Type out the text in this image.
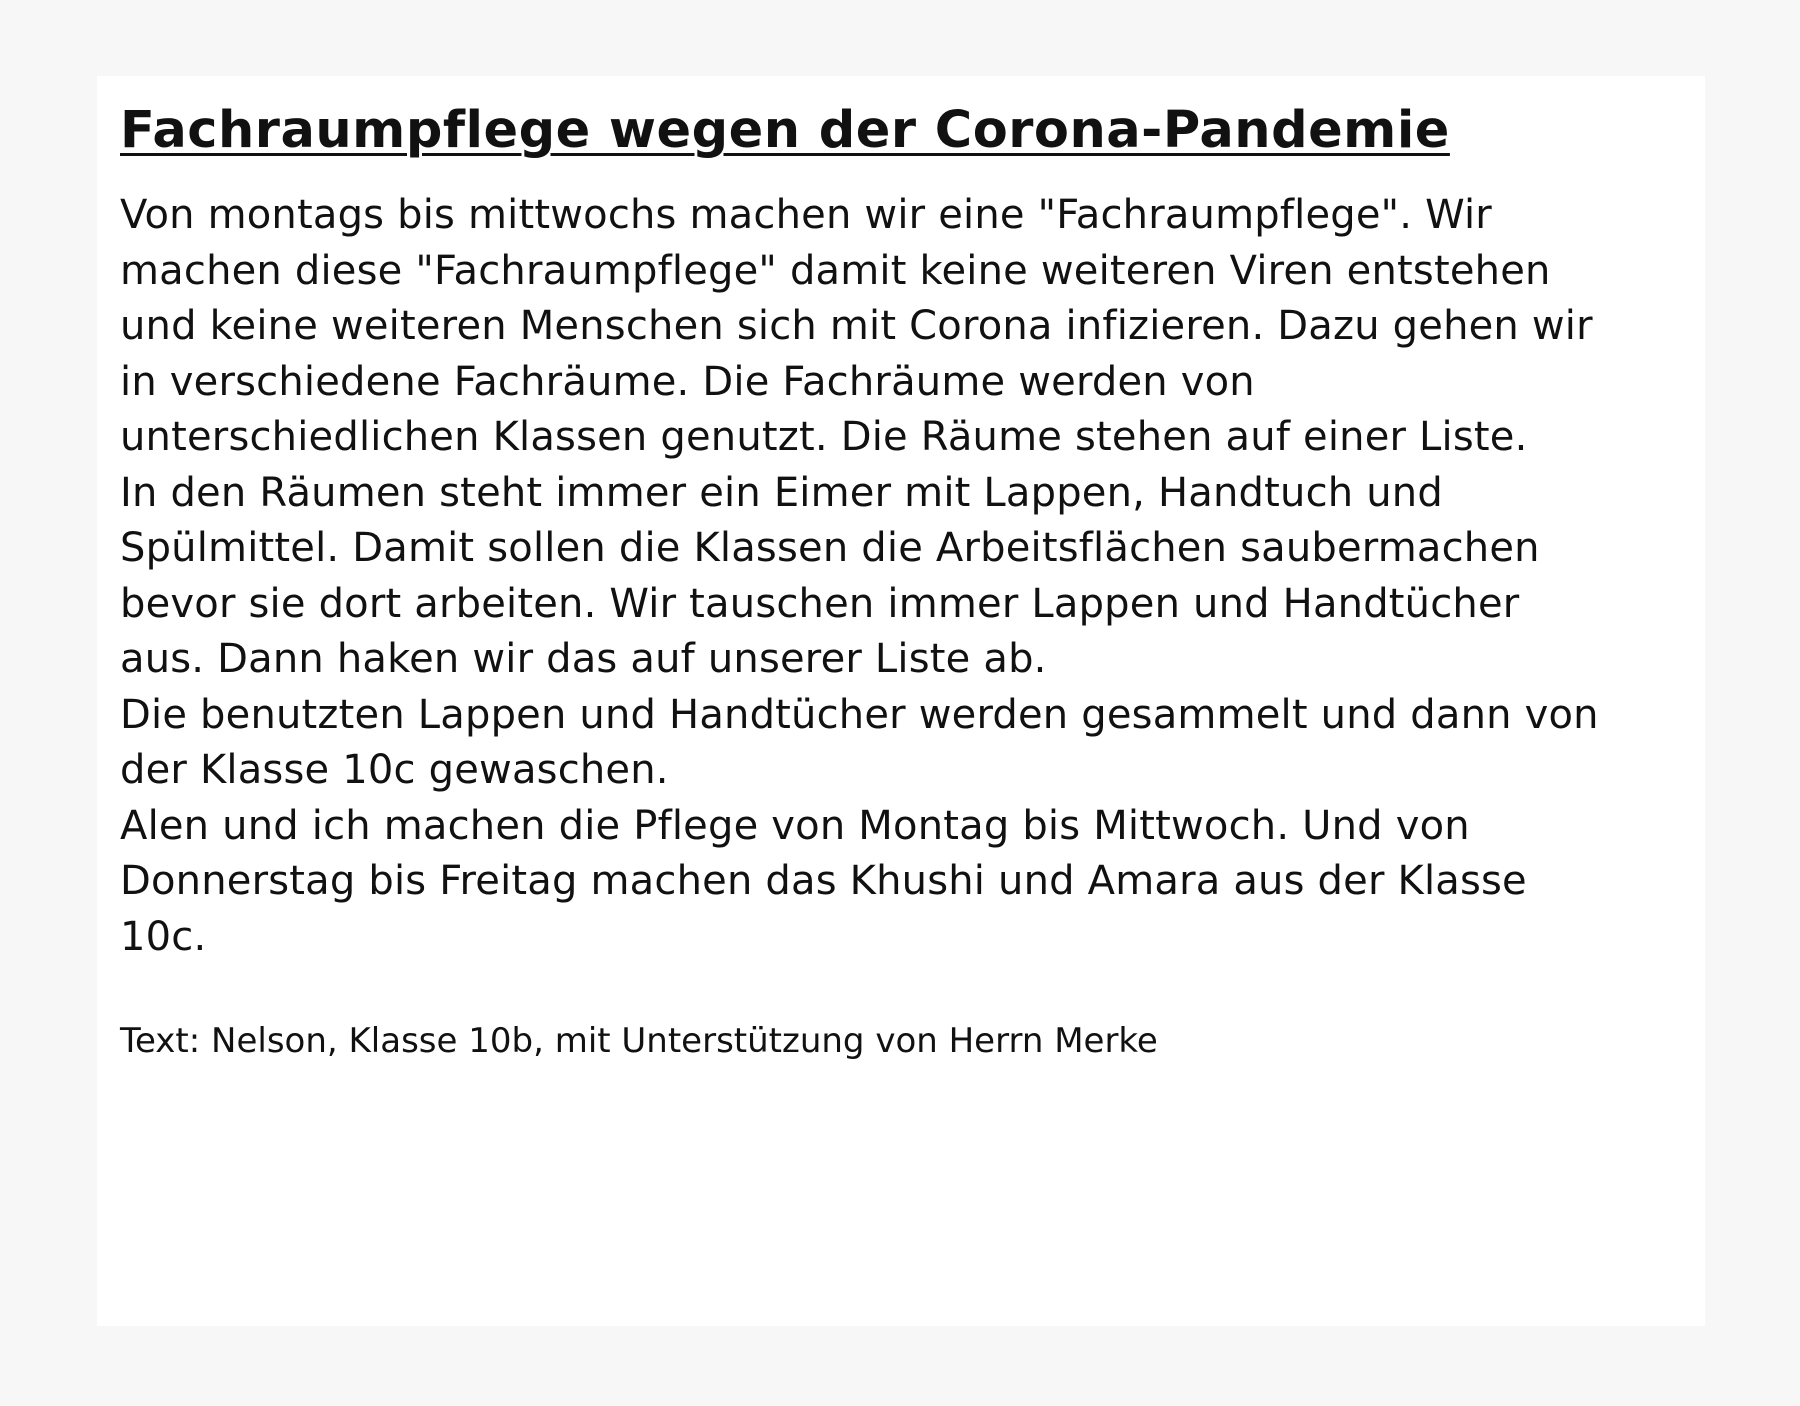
Fachraumpflege wegen der Corona-Pandemie

Von montags bis mittwochs machen wir eine "Fachraumpflege". Wir

machen diese "Fachraumpflege" damit keine weiteren Viren entstehen

und keine weiteren Menschen sich mit Corona infizieren. Dazu gehen wir

in verschiedene Fachräume. Die Fachräume werden von

unterschiedlichen Klassen genutzt. Die Räume stehen auf einer Liste.

In den Räumen steht immer ein Eimer mit Lappen, Handtuch und

Spülmittel. Damit sollen die Klassen die Arbeitsflächen saubermachen

bevor sie dort arbeiten. Wir tauschen immer Lappen und Handtücher

aus. Dann haken wir das auf unserer Liste ab.

Die benutzten Lappen und Handtücher werden gesammelt und dann von

der Klasse 10c gewaschen.

Alen und ich machen die Pflege von Montag bis Mittwoch. Und von

Donnerstag bis Freitag machen das Khushi und Amara aus der Klasse

10c.

Text: Nelson, Klasse 10b, mit Unterstützung von Herrn Merke
